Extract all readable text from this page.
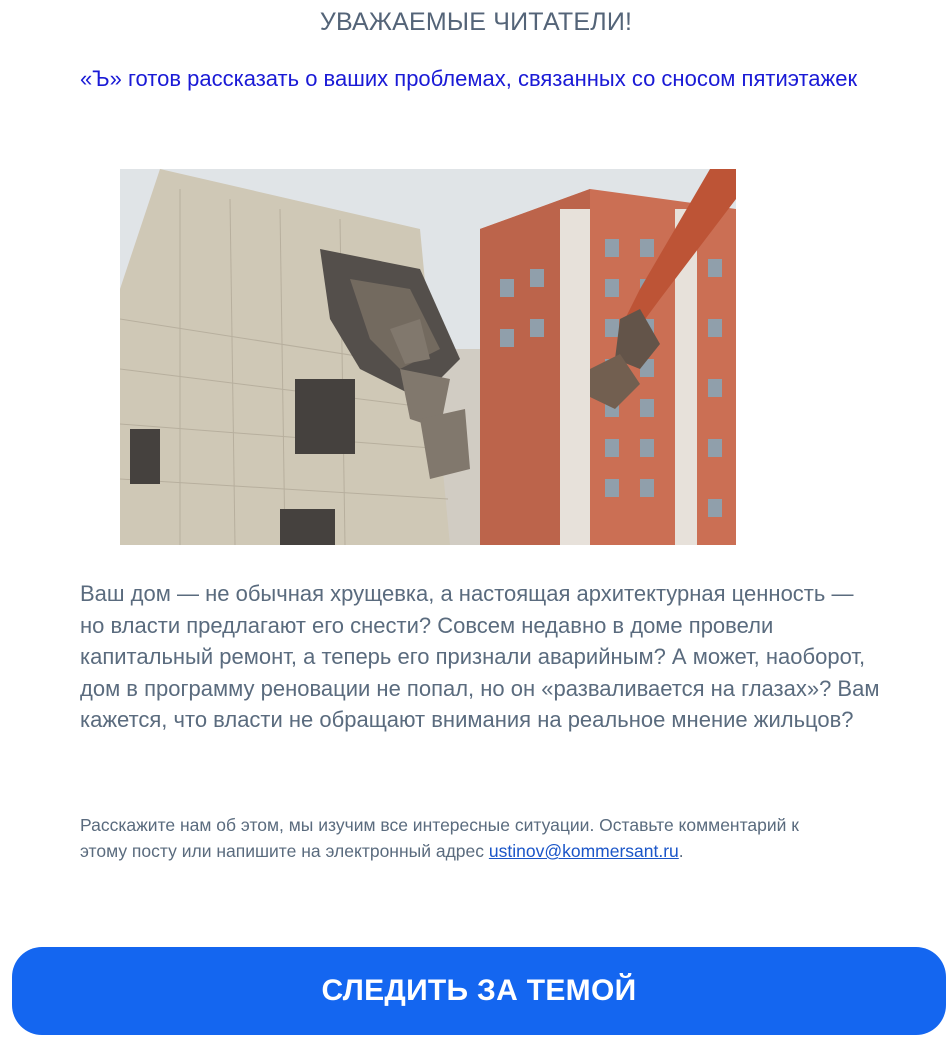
УВАЖАЕМЫЕ ЧИТАТЕЛИ!
«Ъ» готов рассказать о ваших проблемах, связанных со сносом пятиэтажек

Ваш дом — не обычная хрущевка, а настоящая архитектурная ценность — но власти предлагают его снести? Совсем недавно в доме провели капитальный ремонт, а теперь его признали аварийным? А может, наоборот, дом в программу реновации не попал, но он «разваливается на глазах»? Вам кажется, что власти не обращают внимания на реальное мнение жильцов?

Расскажите нам об этом, мы изучим все интересные ситуации. Оставьте комментарий к этому посту или напишите на электронный адрес ustinov@kommersant.ru.

СЛЕДИТЬ ЗА ТЕМОЙ
